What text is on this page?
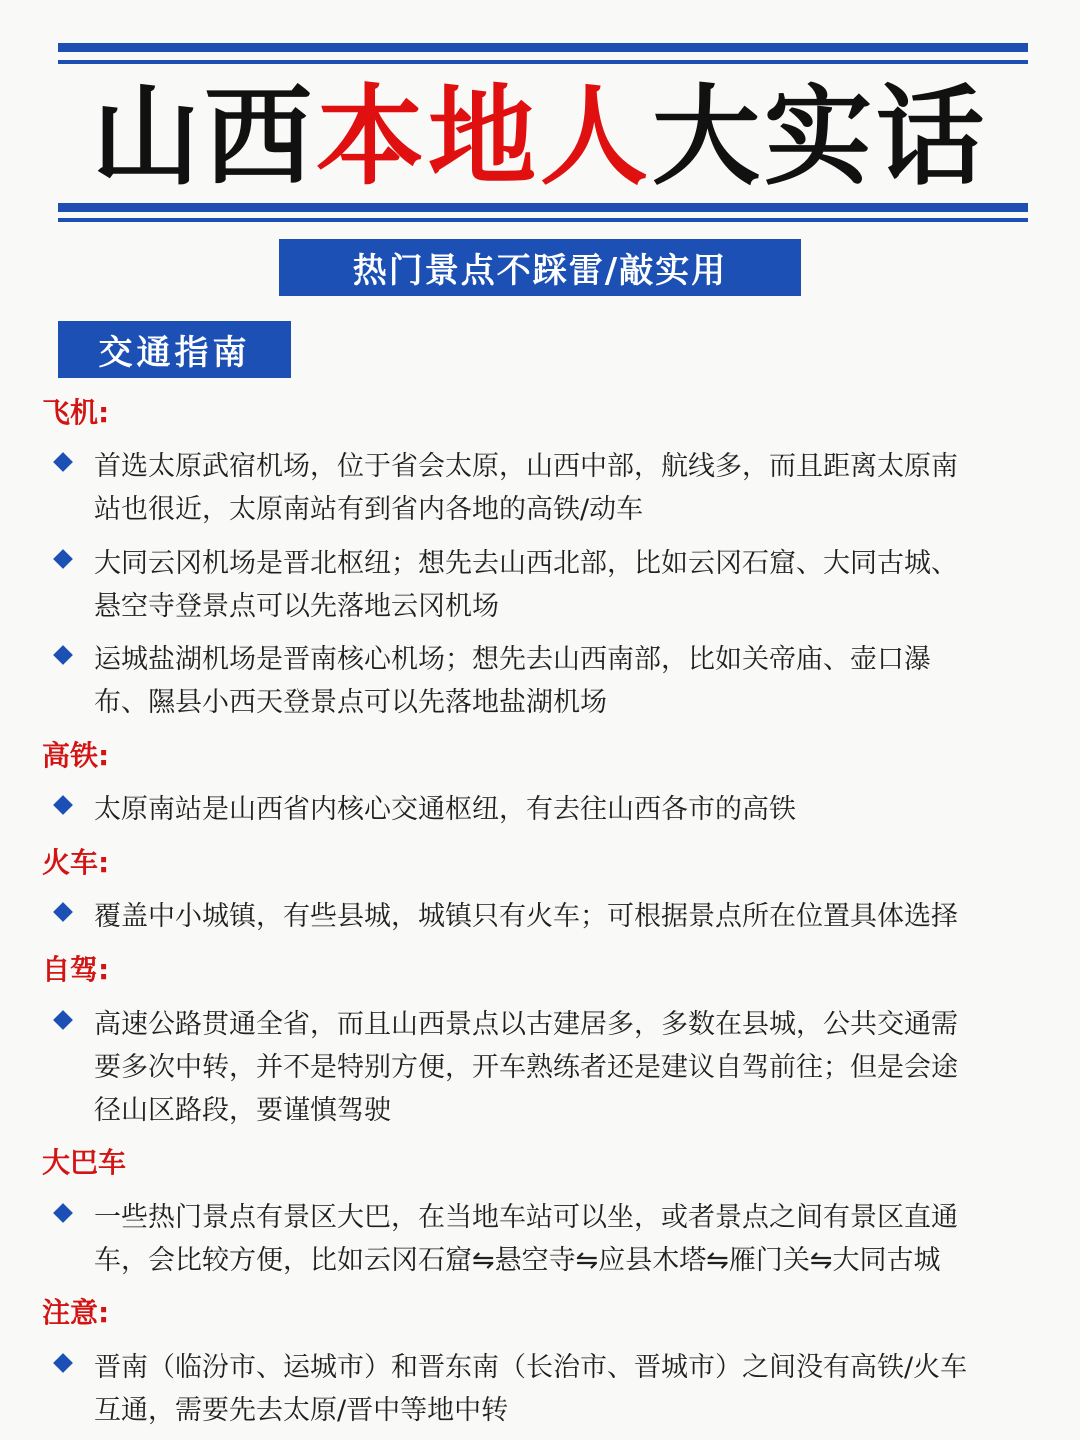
山西本地人大实话
热门景点不踩雷/敲实用
交通指南
飞机:
首选太原武宿机场，位于省会太原，山西中部，航线多，而且距离太原南
站也很近，太原南站有到省内各地的高铁/动车
大同云冈机场是晋北枢纽；想先去山西北部，比如云冈石窟、大同古城、
悬空寺登景点可以先落地云冈机场
运城盐湖机场是晋南核心机场；想先去山西南部，比如关帝庙、壶口瀑
布、隰县小西天登景点可以先落地盐湖机场
高铁:
太原南站是山西省内核心交通枢纽，有去往山西各市的高铁
火车:
覆盖中小城镇，有些县城，城镇只有火车；可根据景点所在位置具体选择
自驾:
高速公路贯通全省，而且山西景点以古建居多，多数在县城，公共交通需
要多次中转，并不是特别方便，开车熟练者还是建议自驾前往；但是会途
径山区路段，要谨慎驾驶
大巴车
一些热门景点有景区大巴，在当地车站可以坐，或者景点之间有景区直通
车，会比较方便，比如云冈石窟⇋悬空寺⇋应县木塔⇋雁门关⇋大同古城
注意:
晋南（临汾市、运城市）和晋东南（长治市、晋城市）之间没有高铁/火车
互通，需要先去太原/晋中等地中转
